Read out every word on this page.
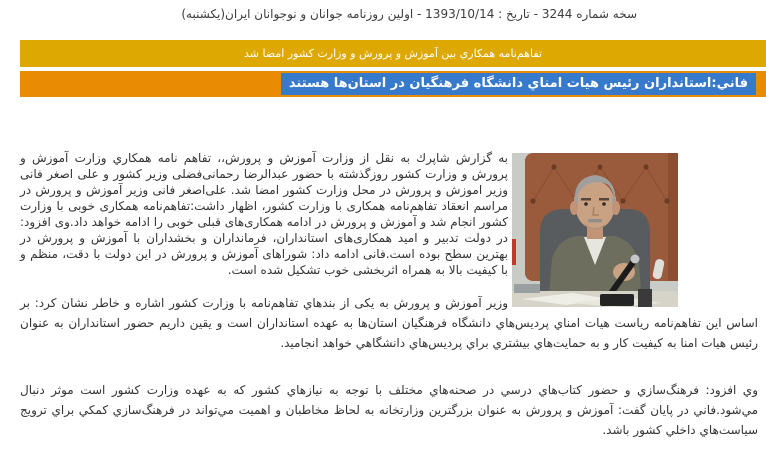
سخه شماره 3244 - تاریخ : 1393/10/14 - اولین روزنامه جوانان و نوجوانان ایران(یکشنبه)
تفاهم‌نامه همکاري بین آموزش و پرورش و وزارت کشور امضا شد
فاني:استانداران رئيس هيات امناي دانشگاه فرهنگيان در استان‌ها هستند

به گزارش شاپرك به نقل از وزارت آموزش و پرورش،، تفاهم نامه همکاري وزارت آموزش و پرورش و وزارت کشور روزگذشته با حضور عبدالرضا رحمانی‌فضلی وزیر کشور و علی اصغر فانی وزیر اموزش و پرورش در محل وزارت کشور امضا شد. علی‌اصغر فانی وزیر آموزش و پرورش در مراسم انعقاد تفاهم‌نامه همکاری با وزارت کشور، اظهار داشت:تفاهم‌نامه همکاری خوبی با وزارت کشور انجام شد و آموزش و پرورش در ادامه همکاری‌های قبلی خوبی را ادامه خواهد داد.وی افزود: در دولت تدبیر و امید همکاری‌های استانداران، فرمانداران و بخشداران با آموزش و پرورش در بهترین سطح بوده است.فانی ادامه داد: شوراهای آموزش و پرورش در این دولت با دقت، منظم و با کیفیت بالا به همراه اثربخشی خوب تشکیل شده است.

وزیر آموزش و پرورش به یکی از بندهاي تفاهم‌نامه با وزارت کشور اشاره و خاطر نشان کرد: بر اساس این تفاهم‌نامه ریاست هیات امناي پردیس‌هاي دانشگاه فرهنگیان استان‌ها به عهده استانداران است و یقین داریم حضور استانداران به عنوان رئیس هیات امنا به کیفیت کار و به حمایت‌هاي بیشتري براي پردیس‌هاي دانشگاهي خواهد انجامید.

وي افزود: فرهنگ‌سازي و حضور کتاب‌هاي درسي در صحنه‌هاي مختلف با توجه به نیازهاي کشور که به عهده وزارت کشور است موثر دنبال مي‌شود.فاني در پایان گفت: آموزش و پرورش به عنوان بزرگترین وزارتخانه به لحاظ مخاطبان و اهمیت مي‌تواند در فرهنگ‌سازي کمکي براي ترویج سیاست‌هاي داخلي کشور باشد.
